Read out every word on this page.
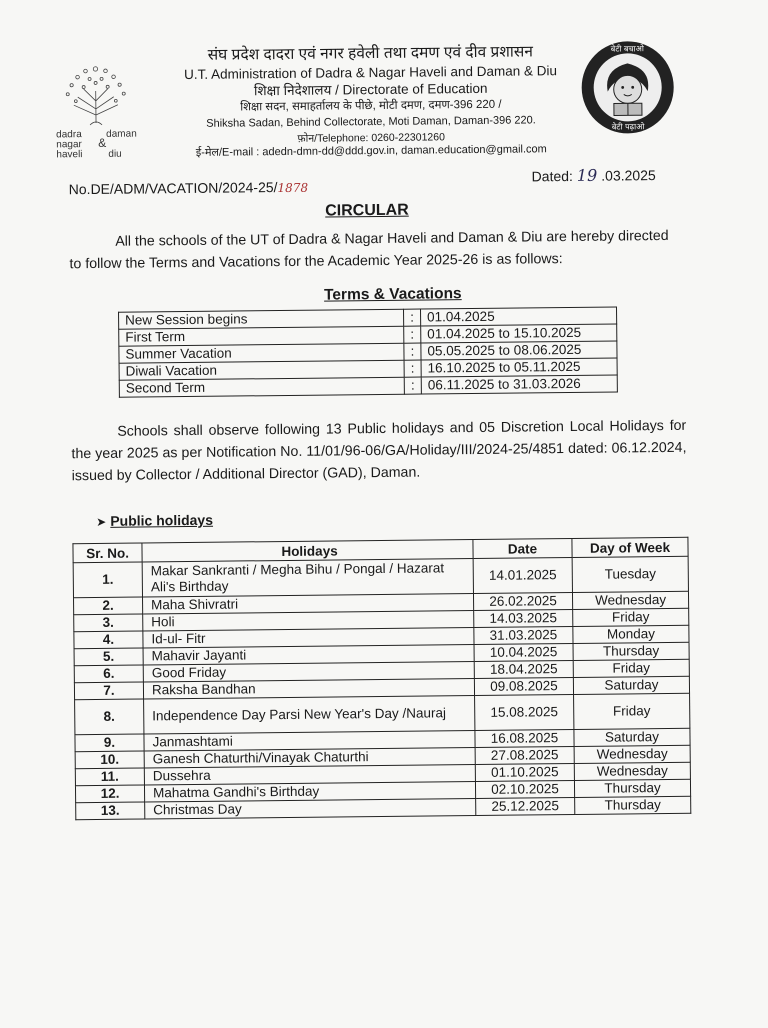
dadra
nagar
haveli
daman
&
diu
बेटी बचाओ
बेटी पढ़ाओ
संघ प्रदेश दादरा एवं नगर हवेली तथा दमण एवं दीव प्रशासन
U.T. Administration of Dadra & Nagar Haveli and Daman & Diu
शिक्षा निदेशालय / Directorate of Education
शिक्षा सदन, समाहर्तालय के पीछे, मोटी दमण, दमण-396 220 /
Shiksha Sadan, Behind Collectorate, Moti Daman, Daman-396 220.
फ़ोन/Telephone: 0260-22301260
ई-मेल/E-mail : adedn-dmn-dd@ddd.gov.in, daman.education@gmail.com
No.DE/ADM/VACATION/2024-25/1878
Dated: 19 .03.2025
CIRCULAR
All the schools of the UT of Dadra & Nagar Haveli and Daman & Diu are hereby directed to follow the Terms and Vacations for the Academic Year 2025-26 is as follows:
Terms & Vacations
New Session begins	:	01.04.2025
First Term	:	01.04.2025 to 15.10.2025
Summer Vacation	:	05.05.2025 to 08.06.2025
Diwali Vacation	:	16.10.2025 to 05.11.2025
Second Term	:	06.11.2025 to 31.03.2026
Schools shall observe following 13 Public holidays and 05 Discretion Local Holidays for the year 2025 as per Notification No. 11/01/96-06/GA/Holiday/III/2024-25/4851 dated: 06.12.2024, issued by Collector / Additional Director (GAD), Daman.
➤ Public holidays
Sr. No.	Holidays	Date	Day of Week
1.	Makar Sankranti / Megha Bihu / Pongal / Hazarat Ali's Birthday	14.01.2025	Tuesday
2.	Maha Shivratri	26.02.2025	Wednesday
3.	Holi	14.03.2025	Friday
4.	Id-ul- Fitr	31.03.2025	Monday
5.	Mahavir Jayanti	10.04.2025	Thursday
6.	Good Friday	18.04.2025	Friday
7.	Raksha Bandhan	09.08.2025	Saturday
8.	Independence Day Parsi New Year's Day /Nauraj	15.08.2025	Friday
9.	Janmashtami	16.08.2025	Saturday
10.	Ganesh Chaturthi/Vinayak Chaturthi	27.08.2025	Wednesday
11.	Dussehra	01.10.2025	Wednesday
12.	Mahatma Gandhi's Birthday	02.10.2025	Thursday
13.	Christmas Day	25.12.2025	Thursday
